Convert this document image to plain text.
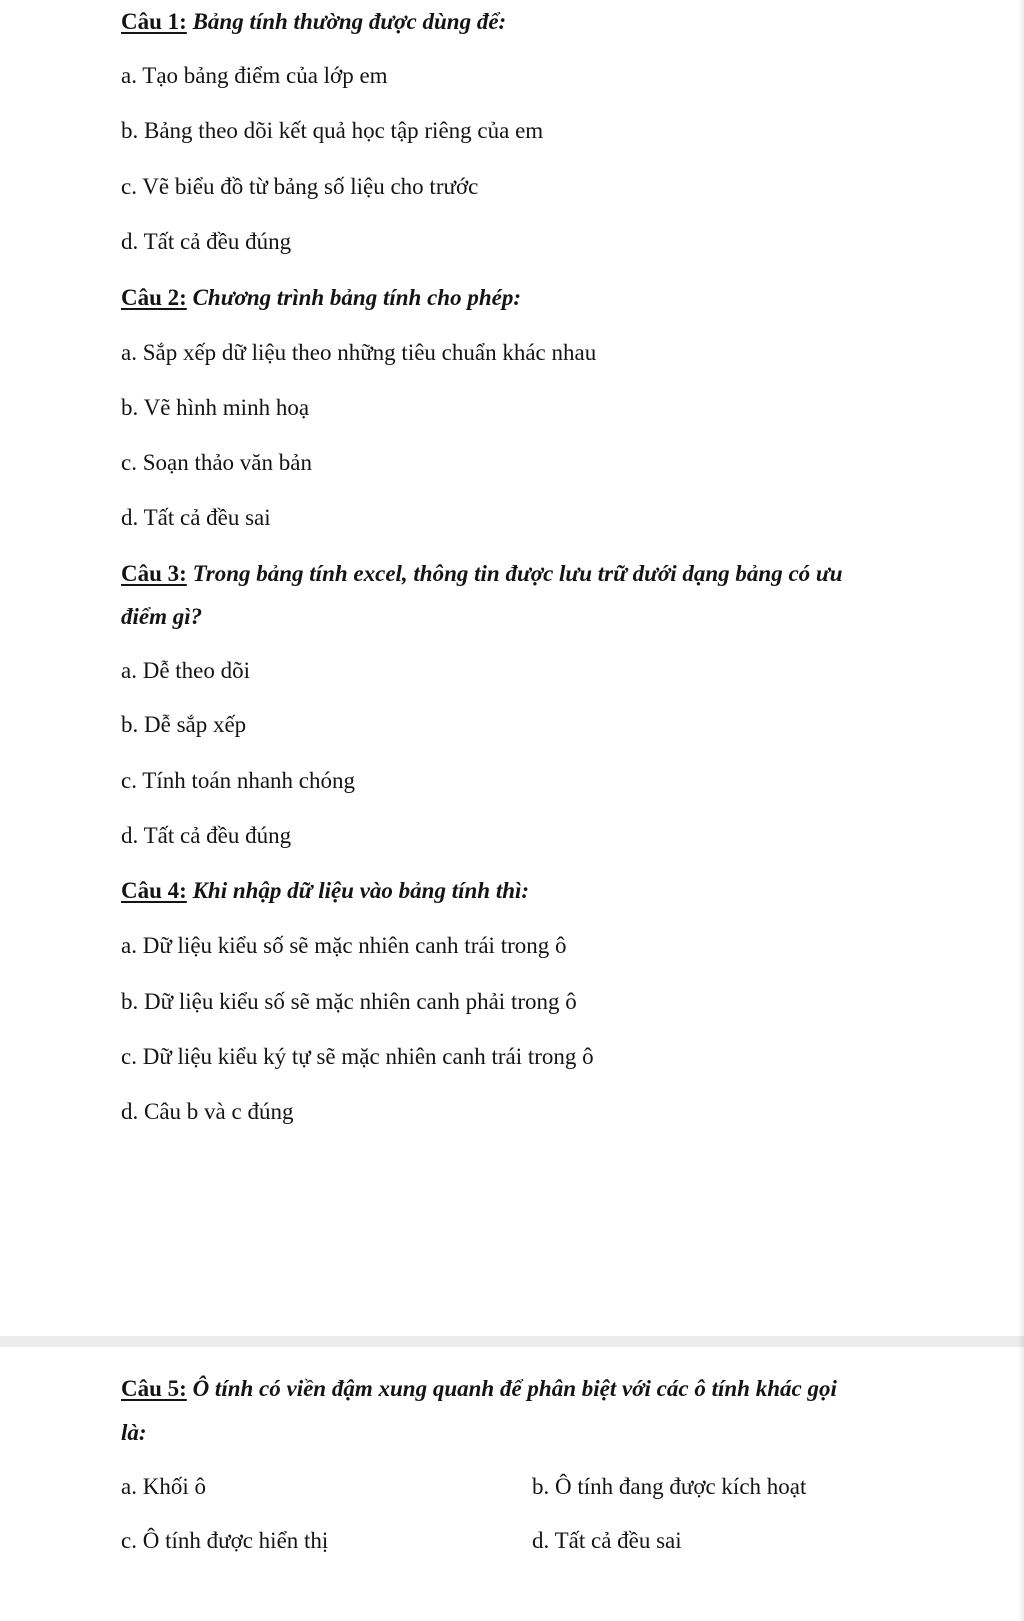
Câu 1: Bảng tính thường được dùng để:
a. Tạo bảng điểm của lớp em
b. Bảng theo dõi kết quả học tập riêng của em
c. Vẽ biểu đồ từ bảng số liệu cho trước
d. Tất cả đều đúng
Câu 2: Chương trình bảng tính cho phép:
a. Sắp xếp dữ liệu theo những tiêu chuẩn khác nhau
b. Vẽ hình minh hoạ
c. Soạn thảo văn bản
d. Tất cả đều sai
Câu 3: Trong bảng tính excel, thông tin được lưu trữ dưới dạng bảng có ưu
điểm gì?
a. Dễ theo dõi
b. Dễ sắp xếp
c. Tính toán nhanh chóng
d. Tất cả đều đúng
Câu 4: Khi nhập dữ liệu vào bảng tính thì:
a. Dữ liệu kiểu số sẽ mặc nhiên canh trái trong ô
b. Dữ liệu kiểu số sẽ mặc nhiên canh phải trong ô
c. Dữ liệu kiểu ký tự sẽ mặc nhiên canh trái trong ô
d. Câu b và c đúng
Câu 5: Ô tính có viền đậm xung quanh để phân biệt với các ô tính khác gọi
là:
a. Khối ô	b. Ô tính đang được kích hoạt
c. Ô tính được hiển thị	d. Tất cả đều sai
